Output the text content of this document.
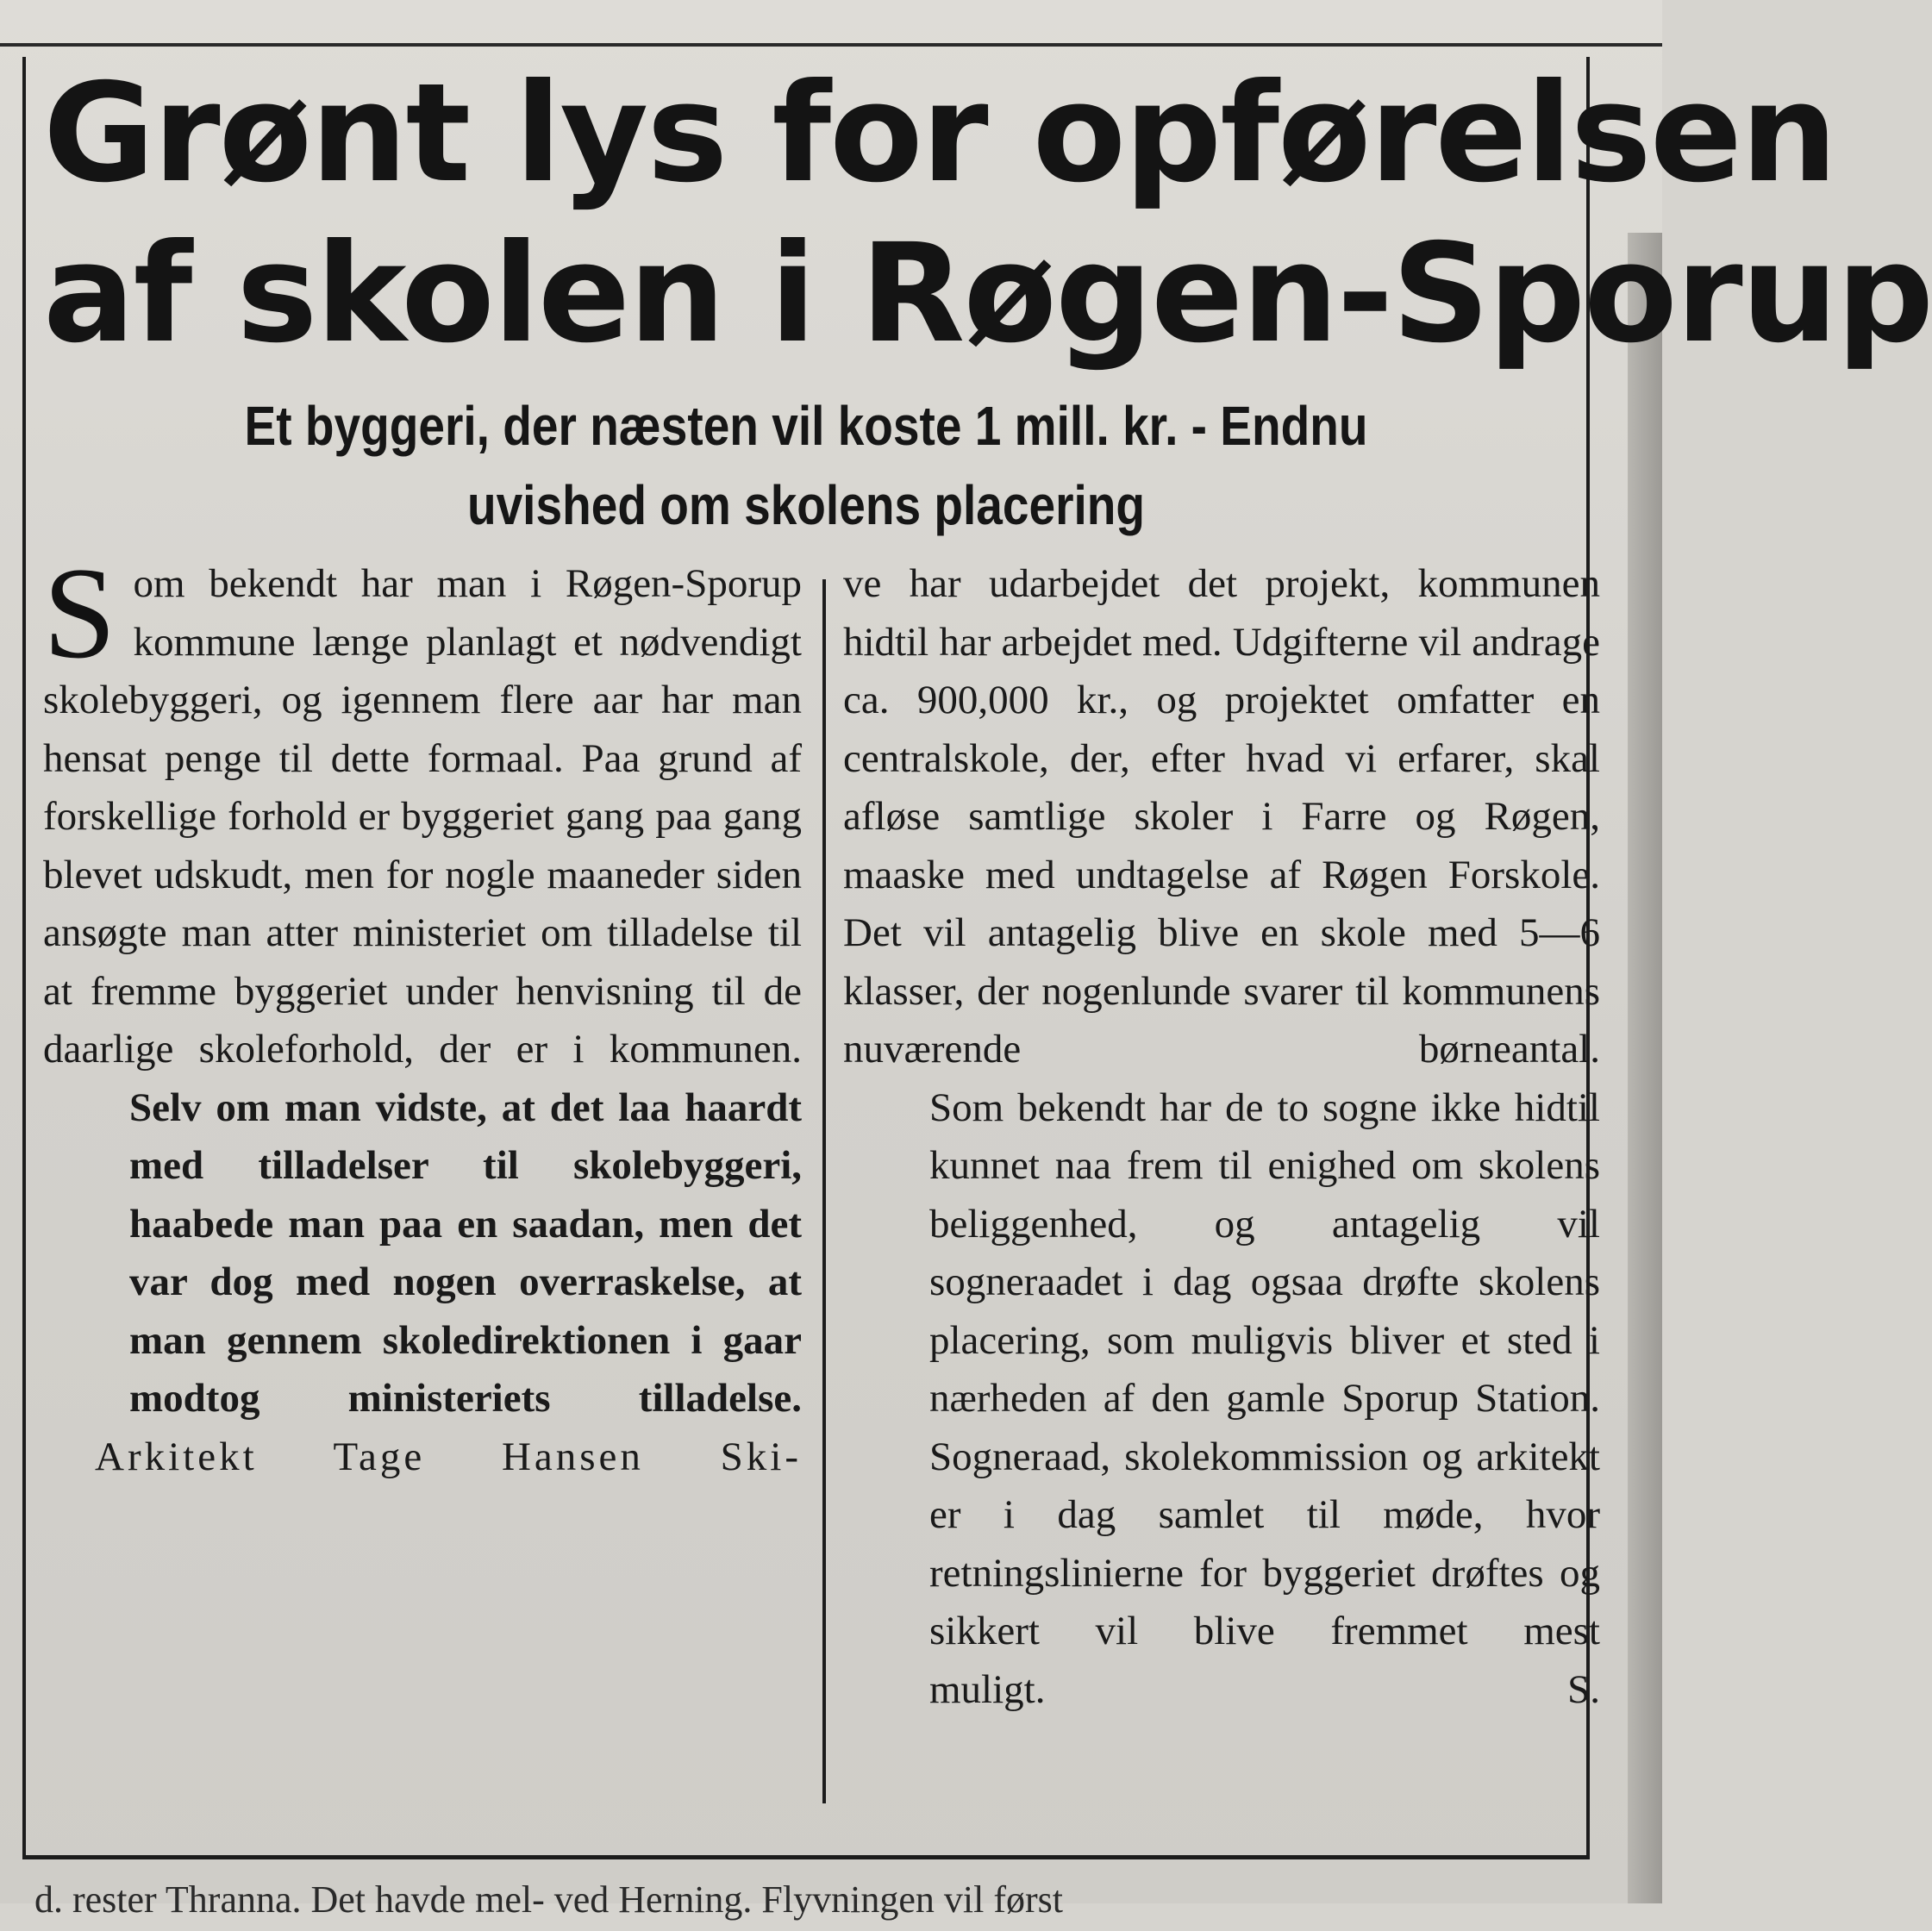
Grønt lys for opførelsen
af skolen i Røgen-Sporup
Et byggeri, der næsten vil koste 1 mill. kr. - Endnu
uvished om skolens placering

Som bekendt har man i Røgen-Sporup kommune længe planlagt et nødvendigt skolebyggeri, og igennem flere aar har man hensat penge til dette formaal. Paa grund af forskellige forhold er byggeriet gang paa gang blevet udskudt, men for nogle maaneder siden ansøgte man atter ministeriet om tilladelse til at fremme byggeriet under henvisning til de daarlige skoleforhold, der er i kommunen.

Selv om man vidste, at det laa haardt med tilladelser til skolebyggeri, haabede man paa en saadan, men det var dog med nogen overraskelse, at man gennem skoledirektionen i gaar modtog ministeriets tilladelse.

Arkitekt Tage Hansen Ski-

ve har udarbejdet det projekt, kommunen hidtil har arbejdet med. Udgifterne vil andrage ca. 900,000 kr., og projektet omfatter en centralskole, der, efter hvad vi erfarer, skal afløse samtlige skoler i Farre og Røgen, maaske med undtagelse af Røgen Forskole. Det vil antagelig blive en skole med 5—6 klasser, der nogenlunde svarer til kommunens nuværende børneantal.

Som bekendt har de to sogne ikke hidtil kunnet naa frem til enighed om skolens beliggenhed, og antagelig vil sogneraadet i dag ogsaa drøfte skolens placering, som muligvis bliver et sted i nærheden af den gamle Sporup Station. Sogneraad, skolekommission og arkitekt er i dag samlet til møde, hvor retningslinierne for byggeriet drøftes og sikkert vil blive fremmet mest

muligt.	S.

d. rester Thranna. Det havde mel- ved Herning. Flyvningen vil først
